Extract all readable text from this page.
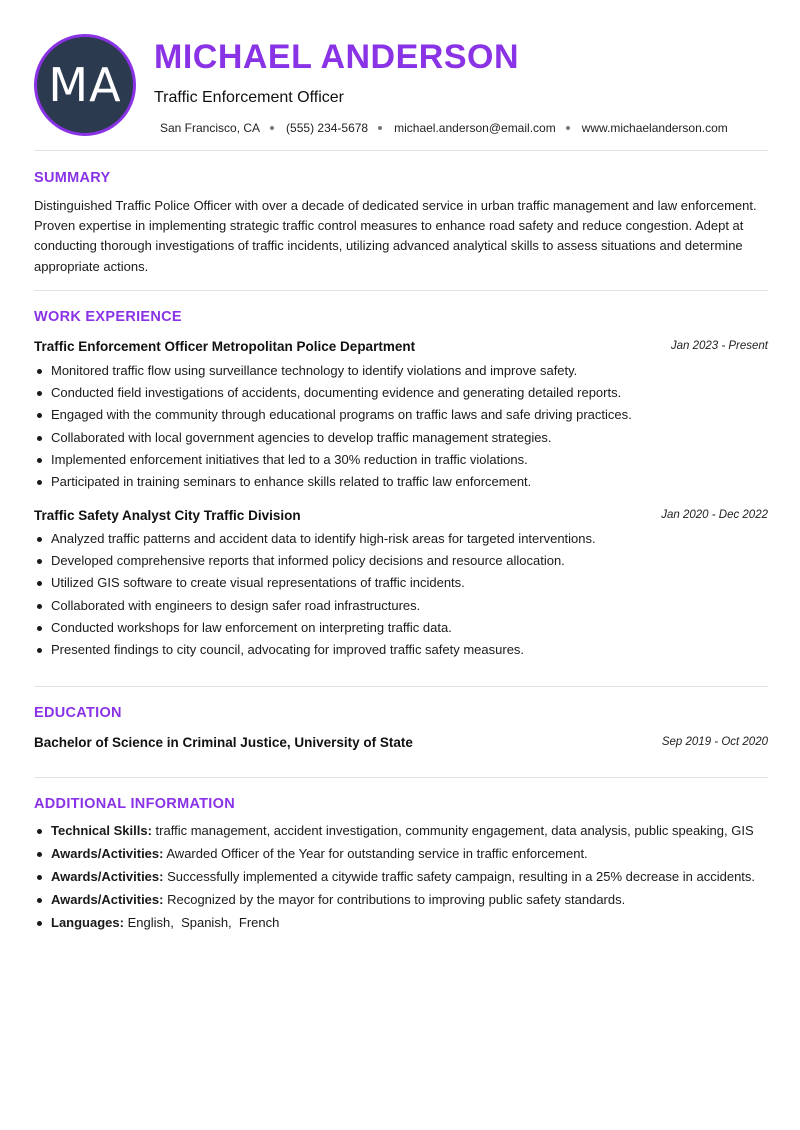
MA
MICHAEL ANDERSON
Traffic Enforcement Officer
San Francisco, CA (555) 234-5678 michael.anderson@email.com www.michaelanderson.com
SUMMARY
Distinguished Traffic Police Officer with over a decade of dedicated service in urban traffic management and law enforcement. Proven expertise in implementing strategic traffic control measures to enhance road safety and reduce congestion. Adept at conducting thorough investigations of traffic incidents, utilizing advanced analytical skills to assess situations and determine appropriate actions.
WORK EXPERIENCE
Traffic Enforcement Officer Metropolitan Police Department	Jan 2023 - Present
Monitored traffic flow using surveillance technology to identify violations and improve safety.
Conducted field investigations of accidents, documenting evidence and generating detailed reports.
Engaged with the community through educational programs on traffic laws and safe driving practices.
Collaborated with local government agencies to develop traffic management strategies.
Implemented enforcement initiatives that led to a 30% reduction in traffic violations.
Participated in training seminars to enhance skills related to traffic law enforcement.
Traffic Safety Analyst City Traffic Division	Jan 2020 - Dec 2022
Analyzed traffic patterns and accident data to identify high-risk areas for targeted interventions.
Developed comprehensive reports that informed policy decisions and resource allocation.
Utilized GIS software to create visual representations of traffic incidents.
Collaborated with engineers to design safer road infrastructures.
Conducted workshops for law enforcement on interpreting traffic data.
Presented findings to city council, advocating for improved traffic safety measures.
EDUCATION
Bachelor of Science in Criminal Justice, University of State	Sep 2019 - Oct 2020
ADDITIONAL INFORMATION
Technical Skills: traffic management, accident investigation, community engagement, data analysis, public speaking, GIS
Awards/Activities: Awarded Officer of the Year for outstanding service in traffic enforcement.
Awards/Activities: Successfully implemented a citywide traffic safety campaign, resulting in a 25% decrease in accidents.
Awards/Activities: Recognized by the mayor for contributions to improving public safety standards.
Languages: English,  Spanish,  French
